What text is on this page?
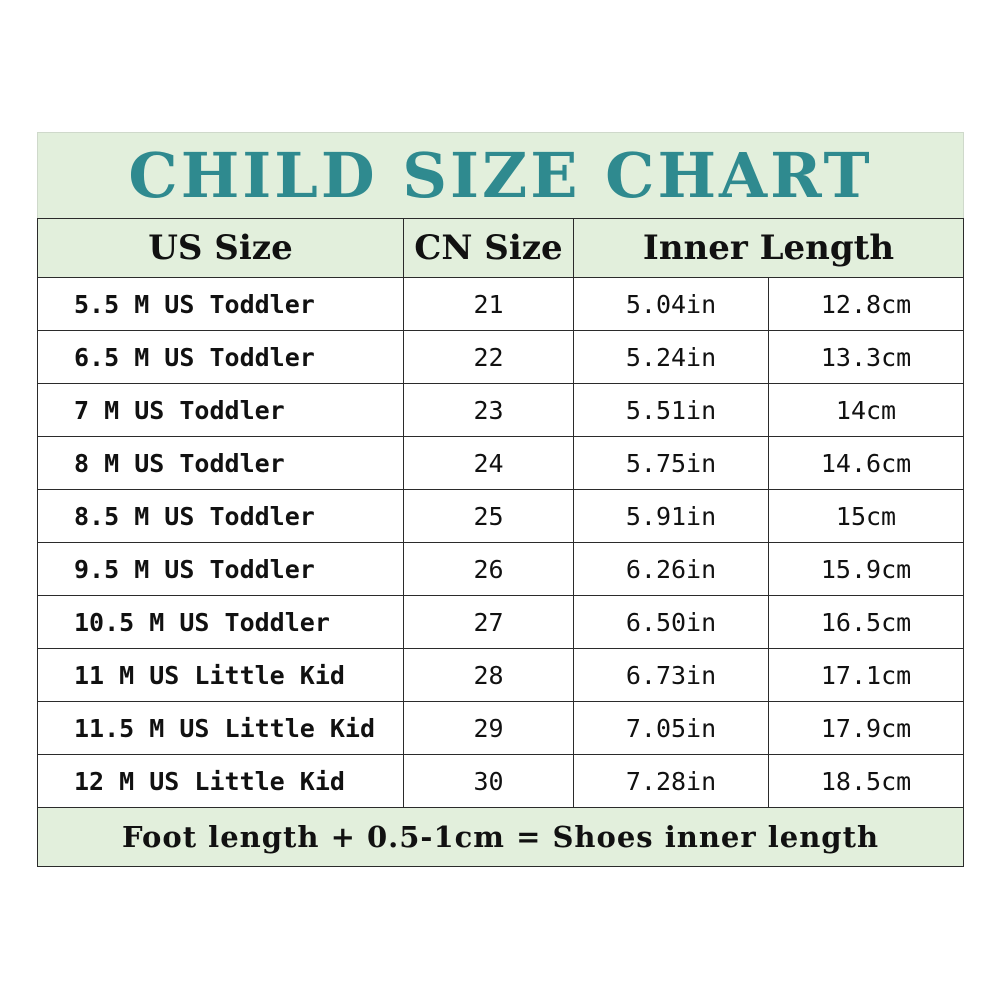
CHILD SIZE CHART			
US Size	CN Size	Inner Length	
5.5 M US Toddler	21	5.04in	12.8cm
6.5 M US Toddler	22	5.24in	13.3cm
7 M US Toddler	23	5.51in	14cm
8 M US Toddler	24	5.75in	14.6cm
8.5 M US Toddler	25	5.91in	15cm
9.5 M US Toddler	26	6.26in	15.9cm
10.5 M US Toddler	27	6.50in	16.5cm
11 M US Little Kid	28	6.73in	17.1cm
11.5 M US Little Kid	29	7.05in	17.9cm
12 M US Little Kid	30	7.28in	18.5cm
Foot length + 0.5-1cm = Shoes inner length			
